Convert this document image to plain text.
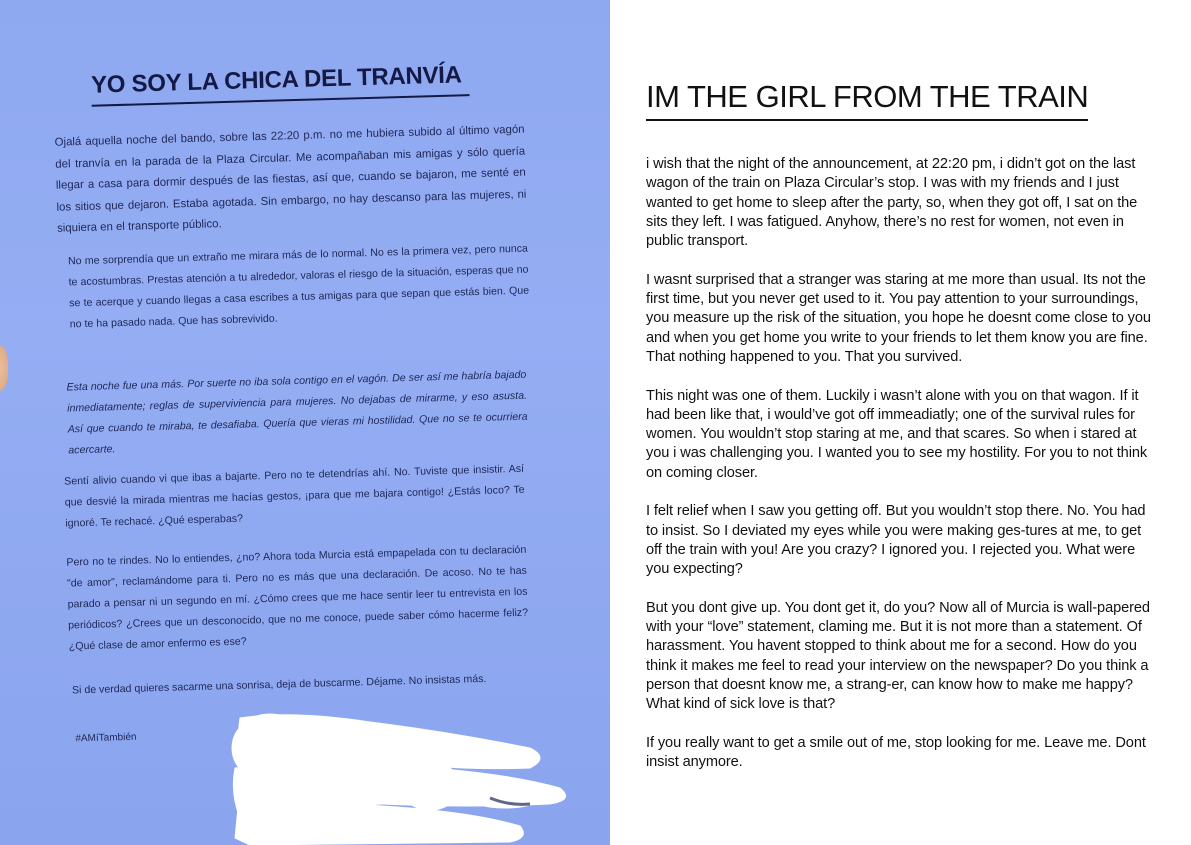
YO SOY LA CHICA DEL TRANVÍA

Ojalá aquella noche del bando, sobre las 22:20 p.m. no me hubiera subido al último vagón del tranvía en la parada de la Plaza Circular. Me acompañaban mis amigas y sólo quería llegar a casa para dormir después de las fiestas, así que, cuando se bajaron, me senté en los sitios que dejaron. Estaba agotada. Sin embargo, no hay descanso para las mujeres, ni siquiera en el transporte público.

No me sorprendía que un extraño me mirara más de lo normal. No es la primera vez, pero nunca te acostumbras. Prestas atención a tu alrededor, valoras el riesgo de la situación, esperas que no se te acerque y cuando llegas a casa escribes a tus amigas para que sepan que estás bien. Que no te ha pasado nada. Que has sobrevivido.

Esta noche fue una más. Por suerte no iba sola contigo en el vagón. De ser así me habría bajado inmediatamente; reglas de superviviencia para mujeres. No dejabas de mirarme, y eso asusta. Así que cuando te miraba, te desafiaba. Quería que vieras mi hostilidad. Que no se te ocurriera acercarte.

Sentí alivio cuando vi que ibas a bajarte. Pero no te detendrías ahí. No. Tuviste que insistir. Así que desvié la mirada mientras me hacías gestos, ¡para que me bajara contigo! ¿Estás loco? Te ignoré. Te rechacé. ¿Qué esperabas?

Pero no te rindes. No lo entiendes, ¿no? Ahora toda Murcia está empapelada con tu declaración "de amor", reclamándome para ti. Pero no es más que una declaración. De acoso. No te has parado a pensar ni un segundo en mí. ¿Cómo crees que me hace sentir leer tu entrevista en los periódicos? ¿Crees que un desconocido, que no me conoce, puede saber cómo hacerme feliz? ¿Qué clase de amor enfermo es ese?

Si de verdad quieres sacarme una sonrisa, deja de buscarme. Déjame. No insistas más.

#AMíTambién

IM THE GIRL FROM THE TRAIN

i wish that the night of the announcement, at 22:20 pm, i didn’t got on the last wagon of the train on Plaza Circular’s stop. I was with my friends and I just wanted to get home to sleep after the party, so, when they got off, I sat on the sits they left. I was fatigued. Anyhow, there’s no rest for women, not even in public transport.

I wasnt surprised that a stranger was staring at me more than usual. Its not the first time, but you never get used to it. You pay attention to your surroundings, you measure up the risk of the situation, you hope he doesnt come close to you and when you get home you write to your friends to let them know you are fine. That nothing happened to you. That you survived.

This night was one of them. Luckily i wasn’t alone with you on that wagon. If it had been like that, i would’ve got off immeadiatly; one of the survival rules for women. You wouldn’t stop staring at me, and that scares. So when i stared at you i was challenging you. I wanted you to see my hostility. For you to not think on coming closer.

I felt relief when I saw you getting off. But you wouldn’t stop there. No. You had to insist. So I deviated my eyes while you were making ges-tures at me, to get off the train with you! Are you crazy? I ignored you. I rejected you. What were you expecting?

But you dont give up. You dont get it, do you? Now all of Murcia is wall-papered with your “love” statement, claming me. But it is not more than a statement. Of harassment. You havent stopped to think about me for a second. How do you think it makes me feel to read your interview on the newspaper? Do you think a person that doesnt know me, a strang-er, can know how to make me happy? What kind of sick love is that?

If you really want to get a smile out of me, stop looking for me. Leave me. Dont insist anymore.
